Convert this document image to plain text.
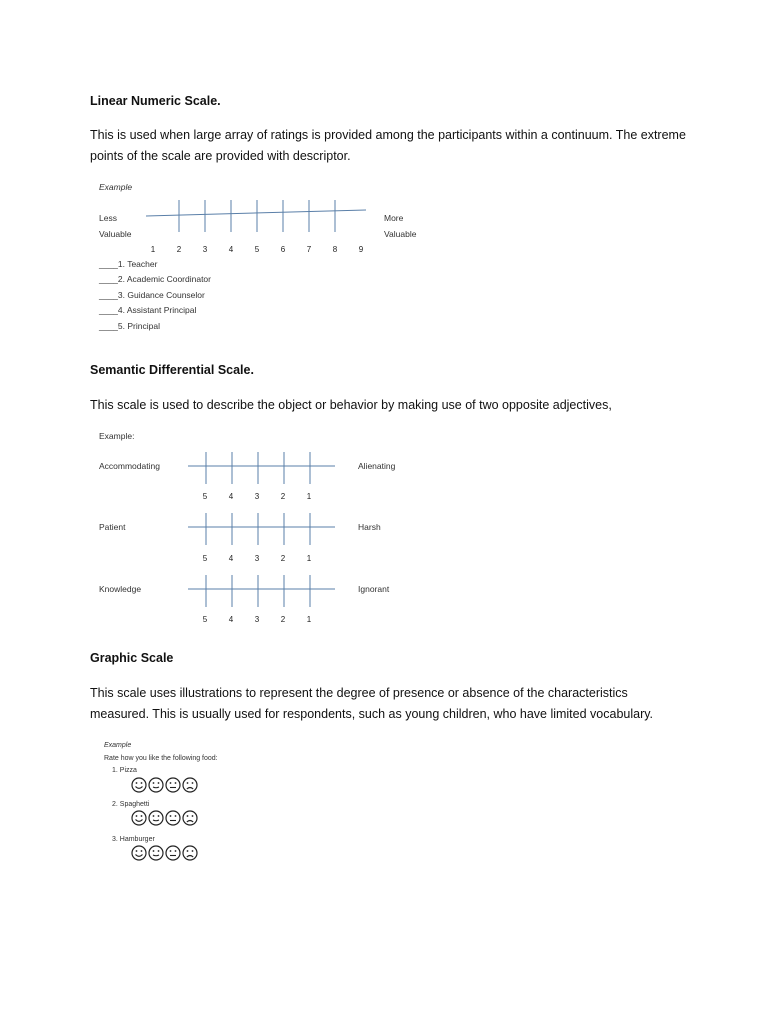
Linear Numeric Scale.

This is used when large array of ratings is provided among the participants within a continuum. The extreme points of the scale are provided with descriptor.

Example
Less
Valuable
More
Valuable
1	2	3	4	5	6	7	8	9
____1. Teacher
____2. Academic Coordinator
____3. Guidance Counselor
____4. Assistant Principal
____5. Principal

Semantic Differential Scale.

This scale is used to describe the object or behavior by making use of two opposite adjectives,

Example:
Accommodating	Alienating
5	4	3	2	1
Patient	Harsh
5	4	3	2	1
Knowledge	Ignorant
5	4	3	2	1

Graphic Scale

This scale uses illustrations to represent the degree of presence or absence of the characteristics measured. This is usually used for respondents, such as young children, who have limited vocabulary.

Example
Rate how you like the following food:
1. Pizza
2. Spaghetti
3. Hamburger
